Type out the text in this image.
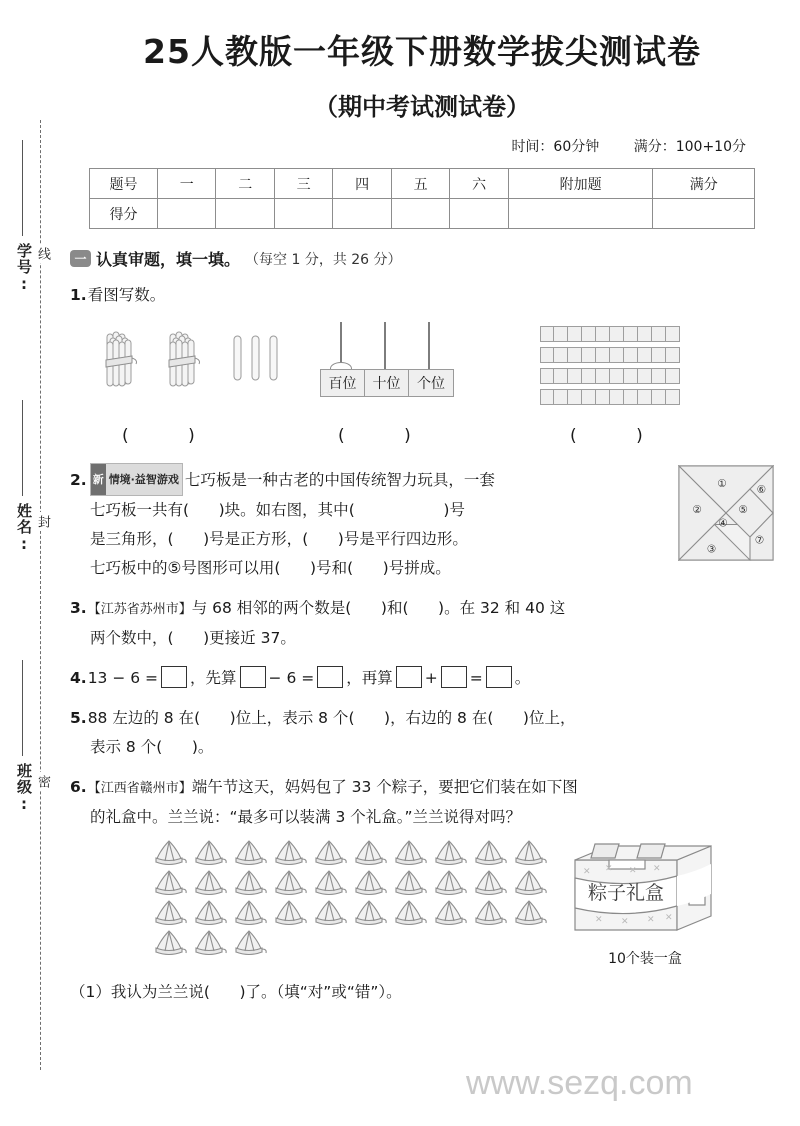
学号: 线
姓名: 封
班级: 密
25人教版一年级下册数学拔尖测试卷
（期中考试测试卷）
时间：60分钟 满分：100+10分
题号	一	二	三	四	五	六	附加题	满分
得分								
一 认真审题，填一填。 （每空 1 分，共 26 分）
1.看图写数。
百位	十位	个位
(           )	(           )	(           )
①
②
③
④
⑤
⑥
⑦
2. 新 情境·益智游戏 七巧板是一种古老的中国传统智力玩具，一套
七巧板一共有 (      )	块。如右图，其中 (                  )	号
是三角形， (      )	号是正方形， (      )	号是平行四边形。
七巧板中的⑤号图形可以用 (      )	号和 (      )	号拼成。
3.【江苏省苏州市】与 68 相邻的两个数是 (      )	和 (      )	。在 32 和 40 这
两个数中， (      )	更接近 37。
4.13 − 6 = ，先算 − 6 = ，再算 + = 。
5.88 左边的 8 在 (      )	位上，表示 8 个 (      )	，右边的 8 在 (      )	位上，
表示 8 个 (      )	。
6.【江西省赣州市】端午节这天，妈妈包了 33 个粽子，要把它们装在如下图
的礼盒中。兰兰说：“最多可以装满 3 个礼盒。”兰兰说得对吗？
✕ ✕ ✕ ✕
✕ ✕ ✕ ✕
粽子礼盒
10个装一盒
（1）我认为兰兰说 (      )	了。（填“对”或“错”）。
www.sezq.com
